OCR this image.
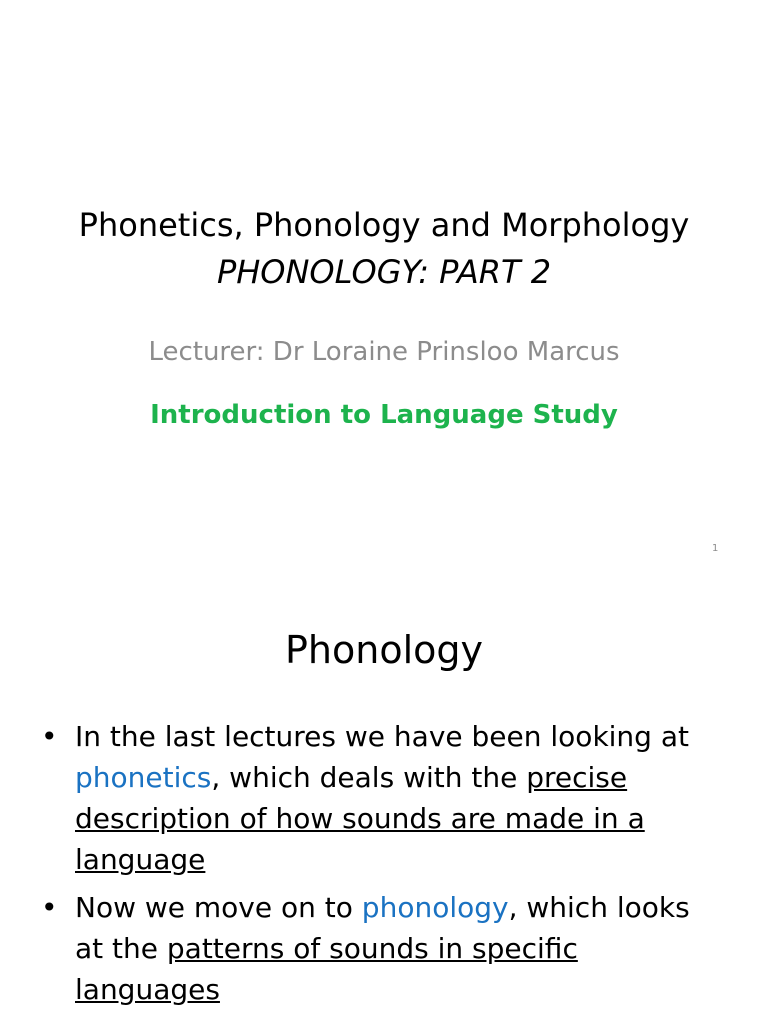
Phonetics, Phonology and Morphology
PHONOLOGY: PART 2
Lecturer: Dr Loraine Prinsloo Marcus
Introduction to Language Study
1
Phonology
• In the last lectures we have been looking at phonetics, which deals with the precise description of how sounds are made in a language
• Now we move on to phonology, which looks at the patterns of sounds in specific languages
